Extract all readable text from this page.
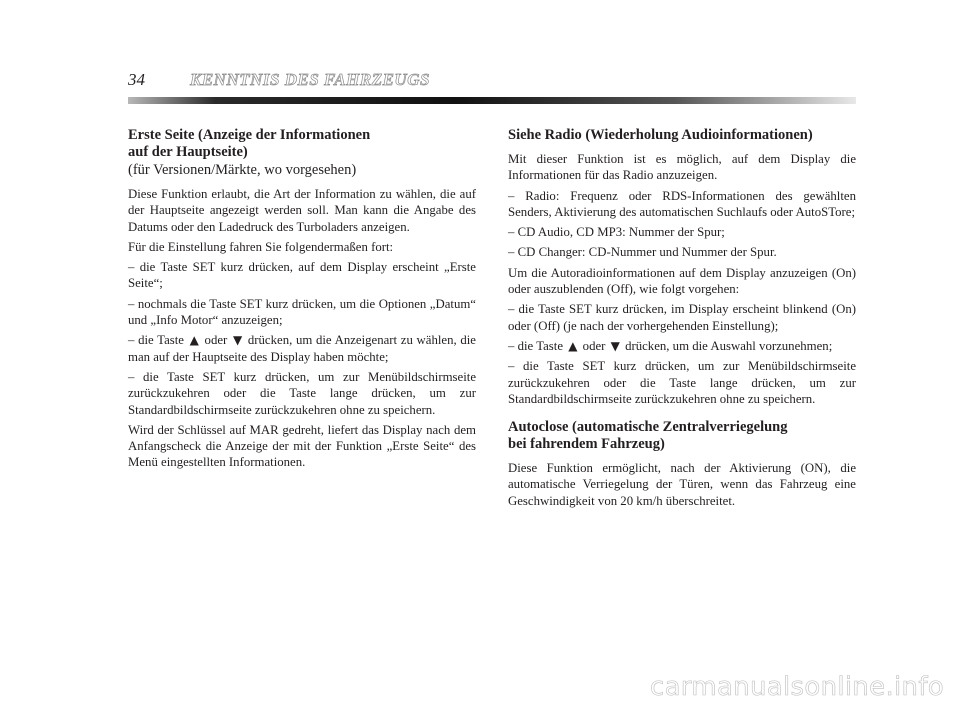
34	KENNTNIS DES FAHRZEUGS
Erste Seite (Anzeige der Informationen
auf der Hauptseite)
(für Versionen/Märkte, wo vorgesehen)

Diese Funktion erlaubt, die Art der Information zu wählen, die auf der Hauptseite angezeigt werden soll. Man kann die Angabe des Datums oder den Ladedruck des Turboladers anzeigen.

Für die Einstellung fahren Sie folgendermaßen fort:

– die Taste SET kurz drücken, auf dem Display erscheint „Erste Seite“;

– nochmals die Taste SET kurz drücken, um die Optionen „Datum“ und „Info Motor“ anzuzeigen;

– die Taste ▲ oder ▼ drücken, um die Anzeigenart zu wählen, die man auf der Hauptseite des Display haben möchte;

– die Taste SET kurz drücken, um zur Menübildschirmseite zurückzukehren oder die Taste lange drücken, um zur Standardbildschirmseite zurückzukehren ohne zu speichern.

Wird der Schlüssel auf MAR gedreht, liefert das Display nach dem Anfangscheck die Anzeige der mit der Funktion „Erste Seite“ des Menü eingestellten Informationen.

Siehe Radio (Wiederholung Audioinformationen)

Mit dieser Funktion ist es möglich, auf dem Display die Informationen für das Radio anzuzeigen.

– Radio: Frequenz oder RDS-Informationen des gewählten Senders, Aktivierung des automatischen Suchlaufs oder AutoSTore;

– CD Audio, CD MP3: Nummer der Spur;

– CD Changer: CD-Nummer und Nummer der Spur.

Um die Autoradioinformationen auf dem Display anzuzeigen (On) oder auszublenden (Off), wie folgt vorgehen:

– die Taste SET kurz drücken, im Display erscheint blinkend (On) oder (Off) (je nach der vorhergehenden Einstellung);

– die Taste ▲ oder ▼ drücken, um die Auswahl vorzunehmen;

– die Taste SET kurz drücken, um zur Menübildschirmseite zurückzukehren oder die Taste lange drücken, um zur Standardbildschirmseite zurückzukehren ohne zu speichern.

Autoclose (automatische Zentralverriegelung
bei fahrendem Fahrzeug)

Diese Funktion ermöglicht, nach der Aktivierung (ON), die automatische Verriegelung der Türen, wenn das Fahrzeug eine Geschwindigkeit von 20 km/h überschreitet.

carmanualsonline.info
